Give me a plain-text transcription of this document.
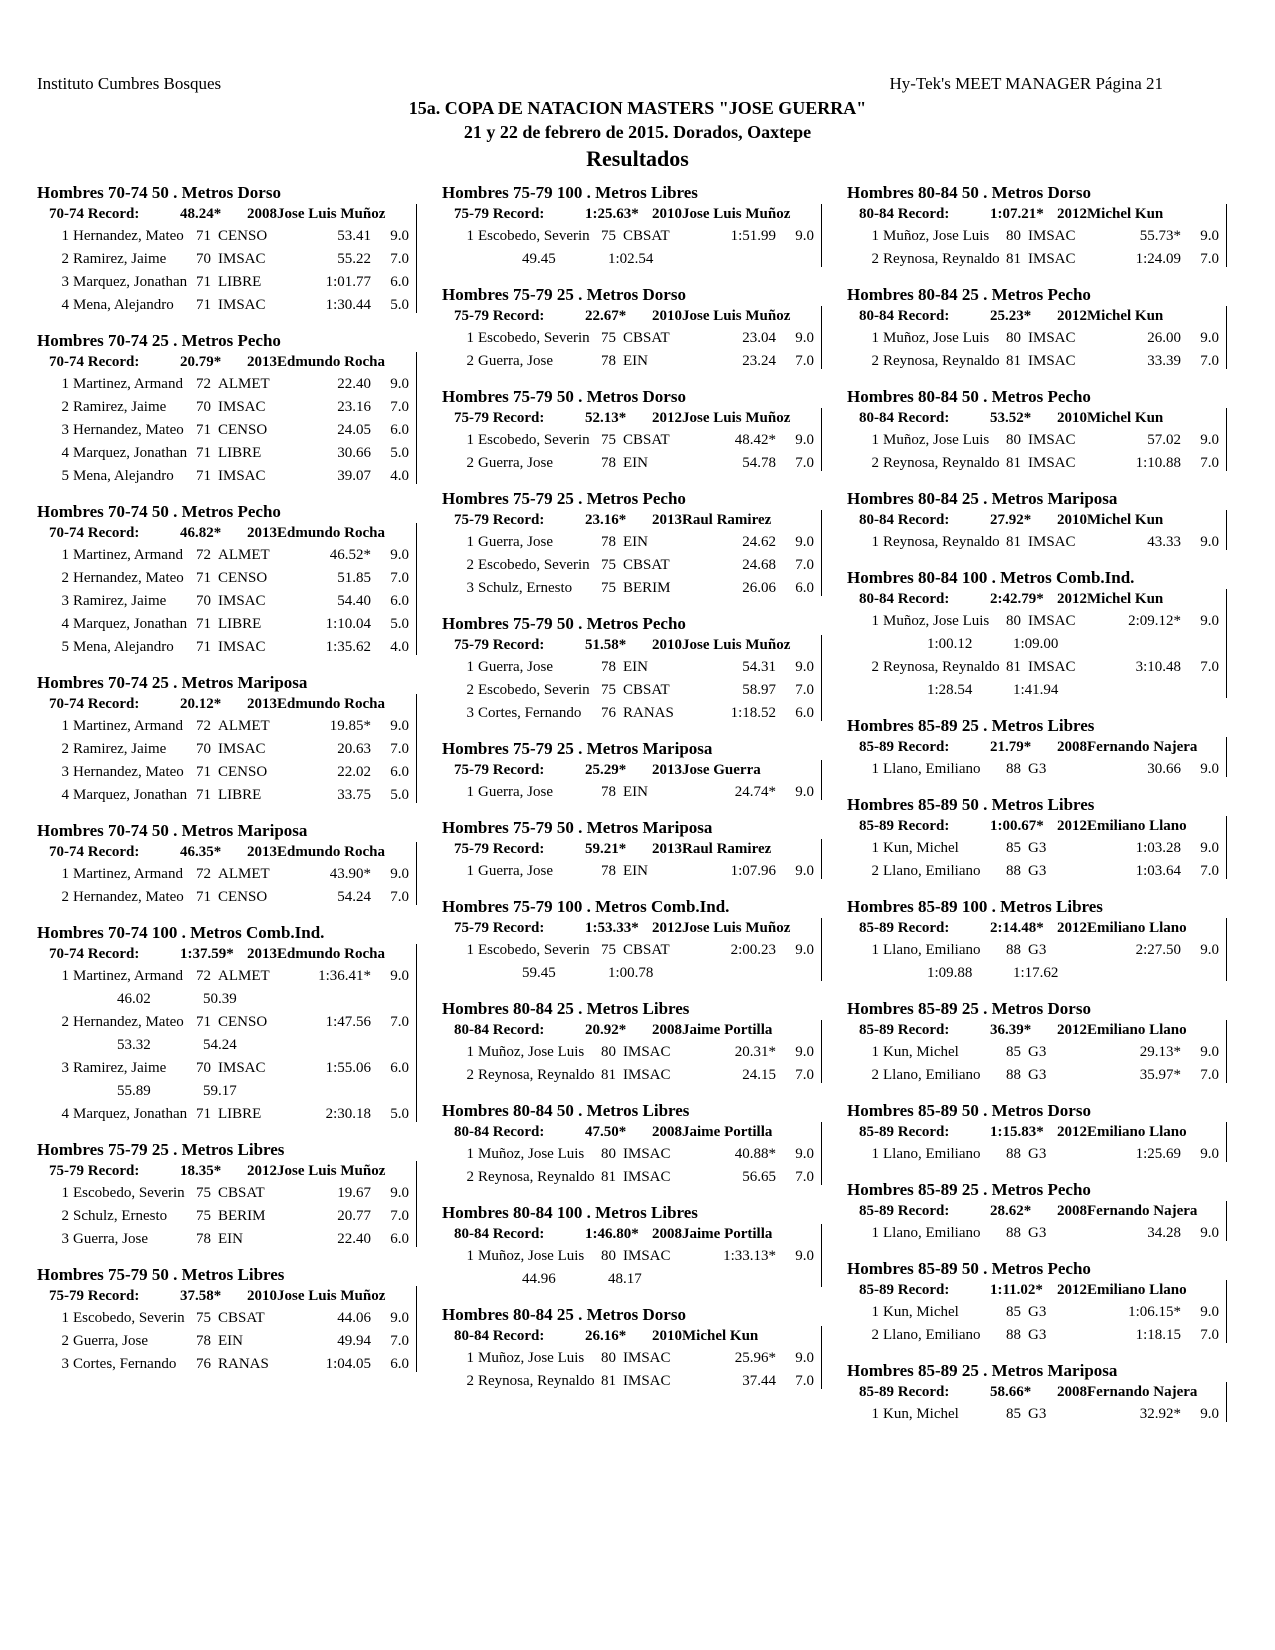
Instituto Cumbres Bosques	Hy-Tek's MEET MANAGER Página 21
15a. COPA DE NATACION MASTERS "JOSE GUERRA"
21 y 22 de febrero de 2015. Dorados, Oaxtepe
Resultados
Hombres 70-74 50 . Metros Dorso
70-74 Record:	48.24* 2008 Jose Luis Muñoz
1 Hernandez, Mateo 71 CENSO	53.41	9.0
2 Ramirez, Jaime	70 IMSAC	55.22	7.0
3 Marquez, Jonathan 71 LIBRE	1:01.77	6.0
4 Mena, Alejandro	71 IMSAC	1:30.44	5.0
Hombres 70-74 25 . Metros Pecho
70-74 Record:	20.79* 2013 Edmundo Rocha
1 Martinez, Armand 72 ALMET	22.40	9.0
2 Ramirez, Jaime	70 IMSAC	23.16	7.0
3 Hernandez, Mateo 71 CENSO	24.05	6.0
4 Marquez, Jonathan 71 LIBRE	30.66	5.0
5 Mena, Alejandro	71 IMSAC	39.07	4.0
Hombres 70-74 50 . Metros Pecho
70-74 Record:	46.82* 2013 Edmundo Rocha
1 Martinez, Armand 72 ALMET	46.52*	9.0
2 Hernandez, Mateo 71 CENSO	51.85	7.0
3 Ramirez, Jaime	70 IMSAC	54.40	6.0
4 Marquez, Jonathan 71 LIBRE	1:10.04	5.0
5 Mena, Alejandro	71 IMSAC	1:35.62	4.0
Hombres 70-74 25 . Metros Mariposa
70-74 Record:	20.12* 2013 Edmundo Rocha
1 Martinez, Armand 72 ALMET	19.85*	9.0
2 Ramirez, Jaime	70 IMSAC	20.63	7.0
3 Hernandez, Mateo 71 CENSO	22.02	6.0
4 Marquez, Jonathan 71 LIBRE	33.75	5.0
Hombres 70-74 50 . Metros Mariposa
70-74 Record:	46.35* 2013 Edmundo Rocha
1 Martinez, Armand 72 ALMET	43.90*	9.0
2 Hernandez, Mateo 71 CENSO	54.24	7.0
Hombres 70-74 100 . Metros Comb.Ind.
70-74 Record:	1:37.59* 2013 Edmundo Rocha
1 Martinez, Armand 72 ALMET	1:36.41*	9.0
46.02	50.39
2 Hernandez, Mateo 71 CENSO	1:47.56	7.0
53.32	54.24
3 Ramirez, Jaime	70 IMSAC	1:55.06	6.0
55.89	59.17
4 Marquez, Jonathan 71 LIBRE	2:30.18	5.0
Hombres 75-79 25 . Metros Libres
75-79 Record:	18.35* 2012 Jose Luis Muñoz
1 Escobedo, Severin 75 CBSAT	19.67	9.0
2 Schulz, Ernesto	75 BERIM	20.77	7.0
3 Guerra, Jose	78 EIN	22.40	6.0
Hombres 75-79 50 . Metros Libres
75-79 Record:	37.58* 2010 Jose Luis Muñoz
1 Escobedo, Severin 75 CBSAT	44.06	9.0
2 Guerra, Jose	78 EIN	49.94	7.0
3 Cortes, Fernando	76 RANAS	1:04.05	6.0
Hombres 75-79 100 . Metros Libres
75-79 Record:	1:25.63* 2010 Jose Luis Muñoz
1 Escobedo, Severin 75 CBSAT	1:51.99	9.0
49.45	1:02.54
Hombres 75-79 25 . Metros Dorso
75-79 Record:	22.67* 2010 Jose Luis Muñoz
1 Escobedo, Severin 75 CBSAT	23.04	9.0
2 Guerra, Jose	78 EIN	23.24	7.0
Hombres 75-79 50 . Metros Dorso
75-79 Record:	52.13* 2012 Jose Luis Muñoz
1 Escobedo, Severin 75 CBSAT	48.42*	9.0
2 Guerra, Jose	78 EIN	54.78	7.0
Hombres 75-79 25 . Metros Pecho
75-79 Record:	23.16* 2013 Raul Ramirez
1 Guerra, Jose	78 EIN	24.62	9.0
2 Escobedo, Severin 75 CBSAT	24.68	7.0
3 Schulz, Ernesto	75 BERIM	26.06	6.0
Hombres 75-79 50 . Metros Pecho
75-79 Record:	51.58* 2010 Jose Luis Muñoz
1 Guerra, Jose	78 EIN	54.31	9.0
2 Escobedo, Severin 75 CBSAT	58.97	7.0
3 Cortes, Fernando	76 RANAS	1:18.52	6.0
Hombres 75-79 25 . Metros Mariposa
75-79 Record:	25.29* 2013 Jose Guerra
1 Guerra, Jose	78 EIN	24.74*	9.0
Hombres 75-79 50 . Metros Mariposa
75-79 Record:	59.21* 2013 Raul Ramirez
1 Guerra, Jose	78 EIN	1:07.96	9.0
Hombres 75-79 100 . Metros Comb.Ind.
75-79 Record:	1:53.33* 2012 Jose Luis Muñoz
1 Escobedo, Severin 75 CBSAT	2:00.23	9.0
59.45	1:00.78
Hombres 80-84 25 . Metros Libres
80-84 Record:	20.92* 2008 Jaime Portilla
1 Muñoz, Jose Luis	80 IMSAC	20.31*	9.0
2 Reynosa, Reynaldo 81 IMSAC	24.15	7.0
Hombres 80-84 50 . Metros Libres
80-84 Record:	47.50* 2008 Jaime Portilla
1 Muñoz, Jose Luis	80 IMSAC	40.88*	9.0
2 Reynosa, Reynaldo 81 IMSAC	56.65	7.0
Hombres 80-84 100 . Metros Libres
80-84 Record:	1:46.80* 2008 Jaime Portilla
1 Muñoz, Jose Luis	80 IMSAC	1:33.13*	9.0
44.96	48.17
Hombres 80-84 25 . Metros Dorso
80-84 Record:	26.16* 2010 Michel Kun
1 Muñoz, Jose Luis	80 IMSAC	25.96*	9.0
2 Reynosa, Reynaldo 81 IMSAC	37.44	7.0
Hombres 80-84 50 . Metros Dorso
80-84 Record:	1:07.21* 2012 Michel Kun
1 Muñoz, Jose Luis	80 IMSAC	55.73*	9.0
2 Reynosa, Reynaldo 81 IMSAC	1:24.09	7.0
Hombres 80-84 25 . Metros Pecho
80-84 Record:	25.23* 2012 Michel Kun
1 Muñoz, Jose Luis	80 IMSAC	26.00	9.0
2 Reynosa, Reynaldo 81 IMSAC	33.39	7.0
Hombres 80-84 50 . Metros Pecho
80-84 Record:	53.52* 2010 Michel Kun
1 Muñoz, Jose Luis	80 IMSAC	57.02	9.0
2 Reynosa, Reynaldo 81 IMSAC	1:10.88	7.0
Hombres 80-84 25 . Metros Mariposa
80-84 Record:	27.92* 2010 Michel Kun
1 Reynosa, Reynaldo 81 IMSAC	43.33	9.0
Hombres 80-84 100 . Metros Comb.Ind.
80-84 Record:	2:42.79* 2012 Michel Kun
1 Muñoz, Jose Luis	80 IMSAC	2:09.12*	9.0
1:00.12	1:09.00
2 Reynosa, Reynaldo 81 IMSAC	3:10.48	7.0
1:28.54	1:41.94
Hombres 85-89 25 . Metros Libres
85-89 Record:	21.79* 2008 Fernando Najera
1 Llano, Emiliano	88 G3	30.66	9.0
Hombres 85-89 50 . Metros Libres
85-89 Record:	1:00.67* 2012 Emiliano Llano
1 Kun, Michel	85 G3	1:03.28	9.0
2 Llano, Emiliano	88 G3	1:03.64	7.0
Hombres 85-89 100 . Metros Libres
85-89 Record:	2:14.48* 2012 Emiliano Llano
1 Llano, Emiliano	88 G3	2:27.50	9.0
1:09.88	1:17.62
Hombres 85-89 25 . Metros Dorso
85-89 Record:	36.39* 2012 Emiliano Llano
1 Kun, Michel	85 G3	29.13*	9.0
2 Llano, Emiliano	88 G3	35.97*	7.0
Hombres 85-89 50 . Metros Dorso
85-89 Record:	1:15.83* 2012 Emiliano Llano
1 Llano, Emiliano	88 G3	1:25.69	9.0
Hombres 85-89 25 . Metros Pecho
85-89 Record:	28.62* 2008 Fernando Najera
1 Llano, Emiliano	88 G3	34.28	9.0
Hombres 85-89 50 . Metros Pecho
85-89 Record:	1:11.02* 2012 Emiliano Llano
1 Kun, Michel	85 G3	1:06.15*	9.0
2 Llano, Emiliano	88 G3	1:18.15	7.0
Hombres 85-89 25 . Metros Mariposa
85-89 Record:	58.66* 2008 Fernando Najera
1 Kun, Michel	85 G3	32.92*	9.0
